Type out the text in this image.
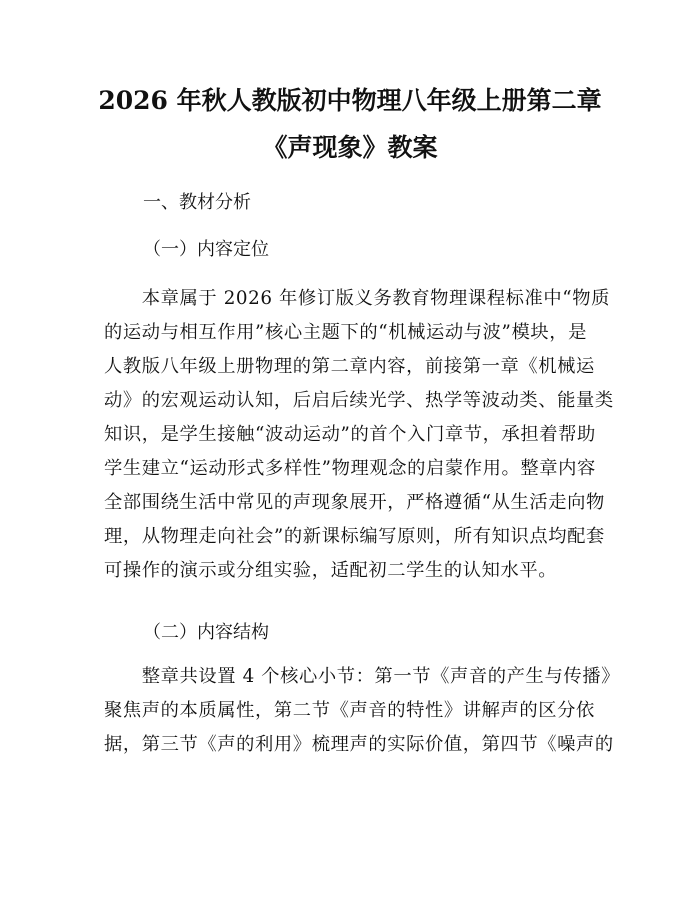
2026 年秋人教版初中物理八年级上册第二章
《声现象》教案
一、教材分析
（一）内容定位
　　本章属于 2026 年修订版义务教育物理课程标准中“物质
的运动与相互作用”核心主题下的“机械运动与波”模块，是
人教版八年级上册物理的第二章内容，前接第一章《机械运
动》的宏观运动认知，后启后续光学、热学等波动类、能量类
知识，是学生接触“波动运动”的首个入门章节，承担着帮助
学生建立“运动形式多样性”物理观念的启蒙作用。整章内容
全部围绕生活中常见的声现象展开，严格遵循“从生活走向物
理，从物理走向社会”的新课标编写原则，所有知识点均配套
可操作的演示或分组实验，适配初二学生的认知水平。
（二）内容结构
　　整章共设置 4 个核心小节：第一节《声音的产生与传播》
聚焦声的本质属性，第二节《声音的特性》讲解声的区分依
据，第三节《声的利用》梳理声的实际价值，第四节《噪声的
